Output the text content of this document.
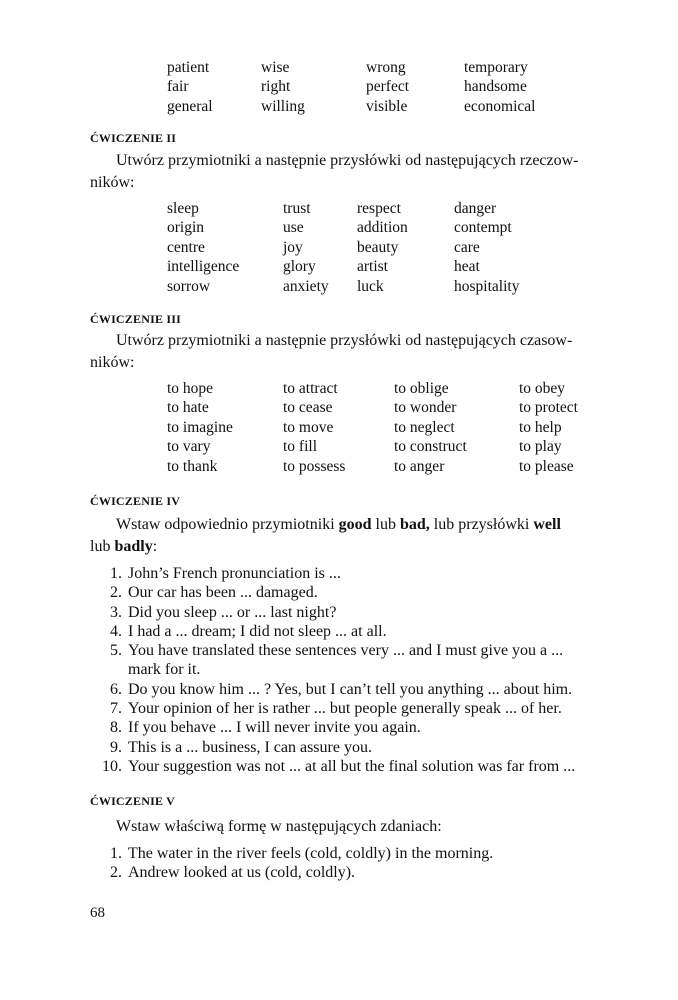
patient	wise	wrong	temporary
fair	right	perfect	handsome
general	willing	visible	economical
ĆWICZENIE II
Utwórz przymiotniki a następnie przysłówki od następujących rzeczow-
ników:
sleep	trust	respect	danger
origin	use	addition	contempt
centre	joy	beauty	care
intelligence	glory	artist	heat
sorrow	anxiety	luck	hospitality
ĆWICZENIE III
Utwórz przymiotniki a następnie przysłówki od następujących czasow-
ników:
to hope	to attract	to oblige	to obey
to hate	to cease	to wonder	to protect
to imagine	to move	to neglect	to help
to vary	to fill	to construct	to play
to thank	to possess	to anger	to please
ĆWICZENIE IV
Wstaw odpowiednio przymiotniki good lub bad, lub przysłówki well
lub badly:
1. John’s French pronunciation is ...
2. Our car has been ... damaged.
3. Did you sleep ... or ... last night?
4. I had a ... dream; I did not sleep ... at all.
5. You have translated these sentences very ... and I must give you a ...
mark for it.
6. Do you know him ... ? Yes, but I can’t tell you anything ... about him.
7. Your opinion of her is rather ... but people generally speak ... of her.
8. If you behave ... I will never invite you again.
9. This is a ... business, I can assure you.
10. Your suggestion was not ... at all but the final solution was far from ...
ĆWICZENIE V
Wstaw właściwą formę w następujących zdaniach:
1. The water in the river feels (cold, coldly) in the morning.
2. Andrew looked at us (cold, coldly).
68
